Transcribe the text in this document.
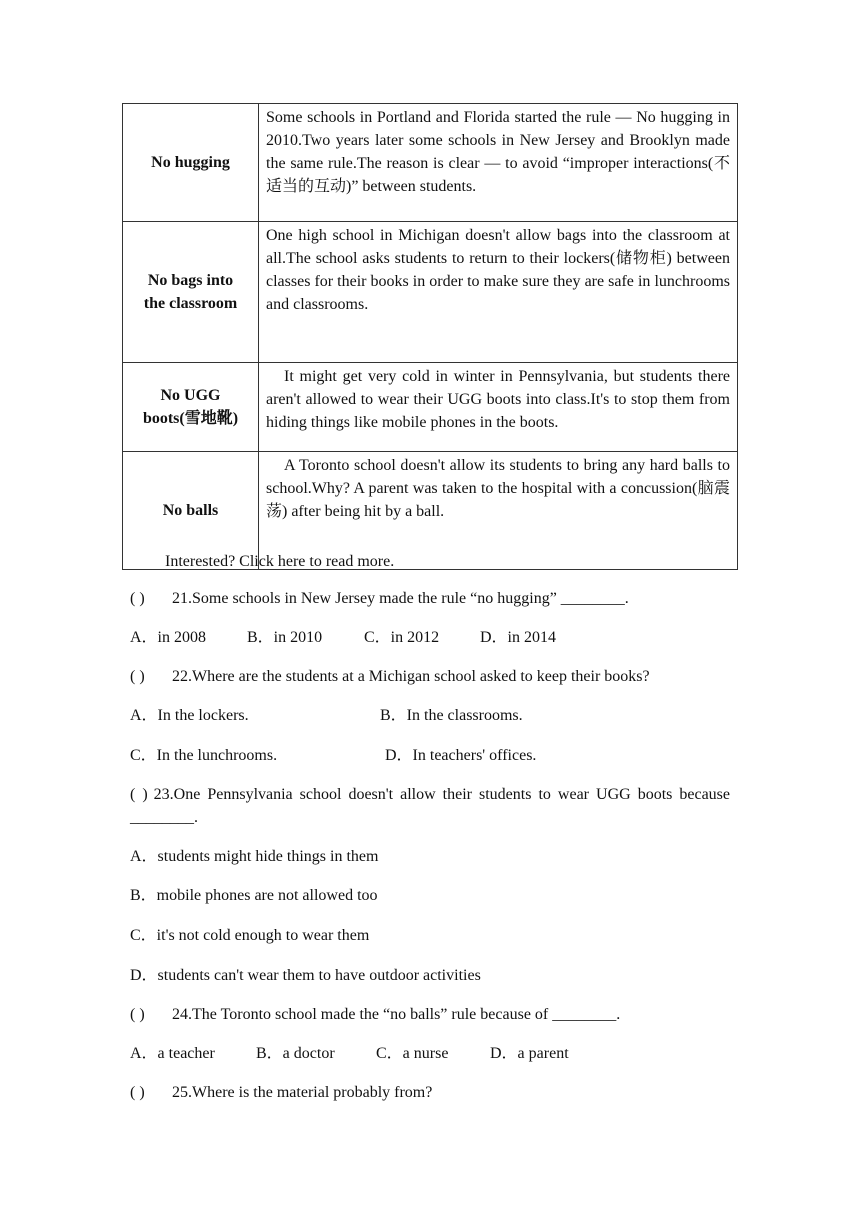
No hugging	Some schools in Portland and Florida started the rule — No hugging in 2010.Two years later some schools in New Jersey and Brooklyn made the same rule.The reason is clear — to avoid “improper interactions(不适当的互动)” between students.

No bags into
the classroom	One high school in Michigan doesn't allow bags into the classroom at all.The school asks students to return to their lockers(储物柜) between classes for their books in order to make sure they are safe in lunchrooms and classrooms.

No UGG
boots(雪地靴)	It might get very cold in winter in Pennsylvania, but students there aren't allowed to wear their UGG boots into class.It's to stop them from hiding things like mobile phones in the boots.
No balls	A Toronto school doesn't allow its students to bring any hard balls to school.Why? A parent was taken to the hospital with a concussion(脑震荡) after being hit by a ball.
Interested? Click here to read more.
( ) 21.Some schools in New Jersey made the rule “no hugging” ________.
A．in 2008	B．in 2010	C．in 2012	D．in 2014
( ) 22.Where are the students at a Michigan school asked to keep their books?
A．In the lockers.	B．In the classrooms.
C．In the lunchrooms.	D．In teachers' offices.
( ) 23.One Pennsylvania school doesn't allow their students to wear UGG boots because ________.
A．students might hide things in them
B．mobile phones are not allowed too
C．it's not cold enough to wear them
D．students can't wear them to have outdoor activities
( ) 24.The Toronto school made the “no balls” rule because of ________.
A．a teacher	B．a doctor	C．a nurse	D．a parent
( ) 25.Where is the material probably from?
